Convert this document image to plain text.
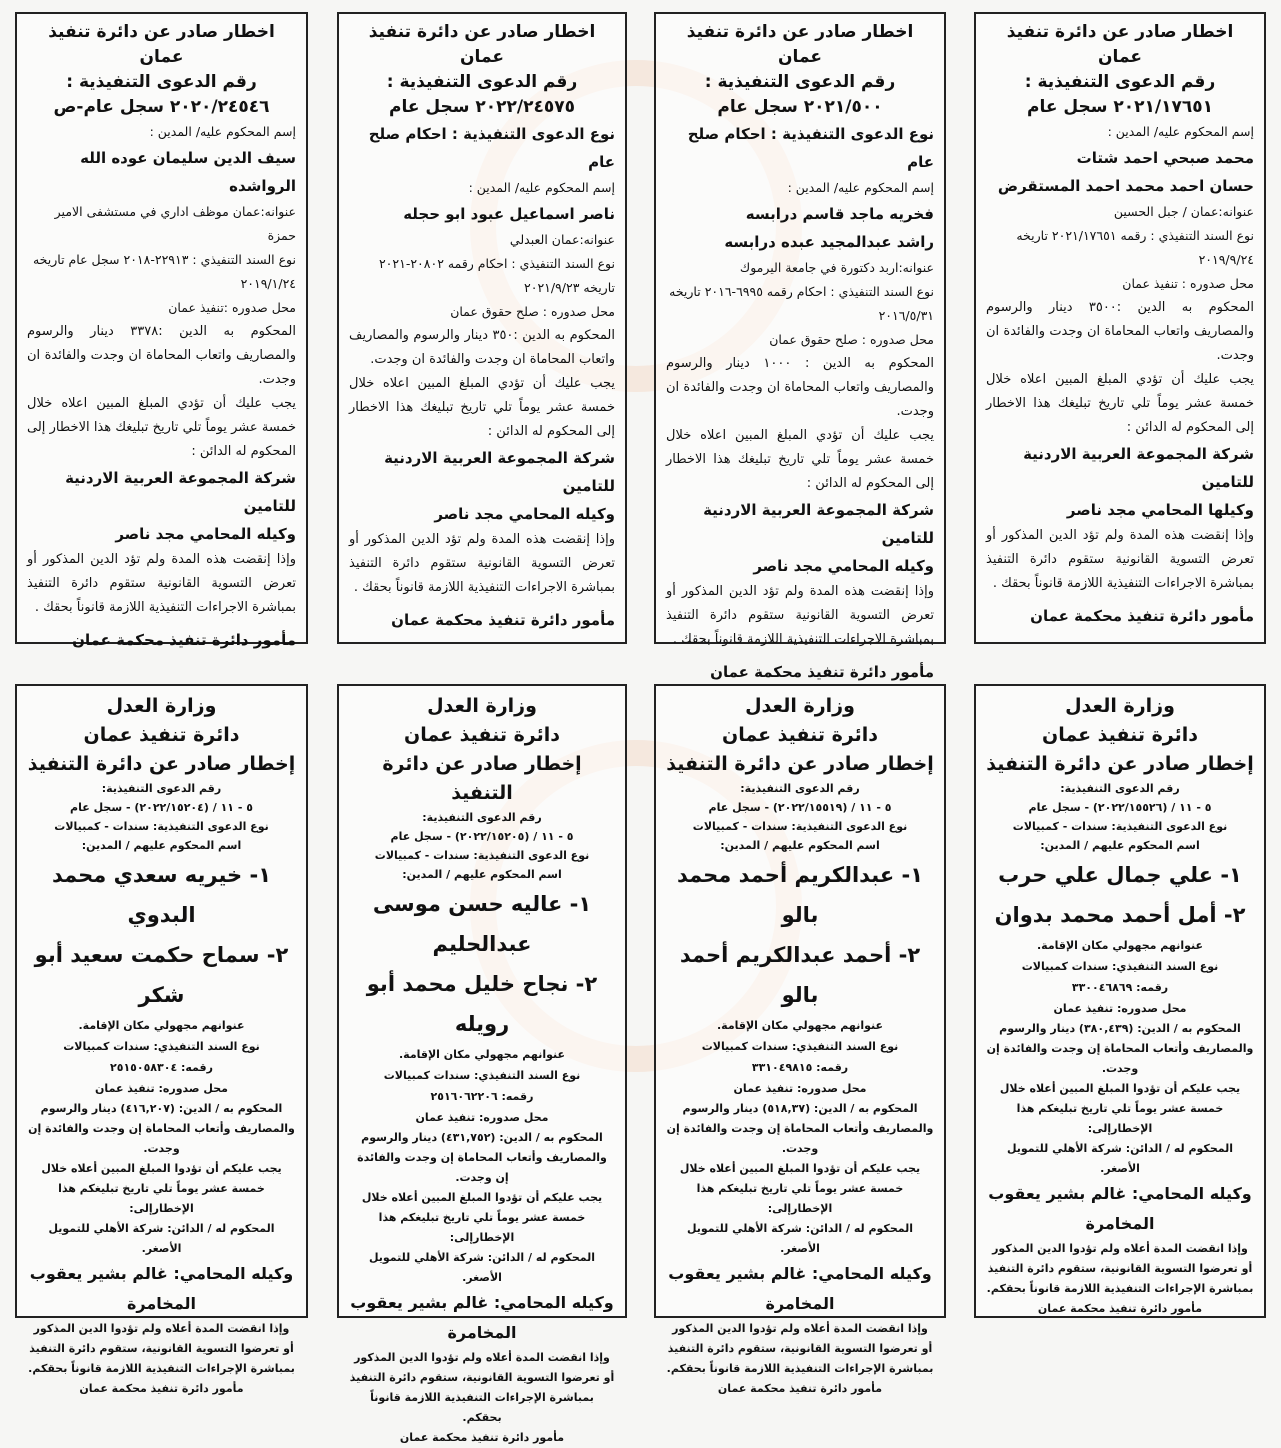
اخطار صادر عن دائرة تنفيذ عمان
رقم الدعوى التنفيذية :
٢٠٢١/١٧٦٥١ سجل عام
إسم المحكوم عليه/ المدين :
محمد صبحي احمد شتات
حسان احمد محمد احمد المستقرض
عنوانه:عمان / جبل الحسين
نوع السند التنفيذي : رقمه ٢٠٢١/١٧٦٥١ تاريخه ٢٠١٩/٩/٢٤
محل صدوره : تنفيذ عمان
المحكوم به الدين :٣٥٠٠ دينار والرسوم والمصاريف واتعاب المحاماة ان وجدت والفائدة ان وجدت.
يجب عليك أن تؤدي المبلغ المبين اعلاه خلال خمسة عشر يوماً تلي تاريخ تبليغك هذا الاخطار إلى المحكوم له الدائن :
شركة المجموعة العربية الاردنية للتامين
وكيلها المحامي مجد ناصر
وإذا إنقضت هذه المدة ولم تؤد الدين المذكور أو تعرض التسوية القانونية ستقوم دائرة التنفيذ بمباشرة الاجراءات التنفيذية اللازمة قانوناً بحقك .
مأمور دائرة تنفيذ محكمة عمان
اخطار صادر عن دائرة تنفيذ عمان
رقم الدعوى التنفيذية :
٢٠٢١/٥٠٠ سجل عام
نوع الدعوى التنفيذية : احكام صلح عام
إسم المحكوم عليه/ المدين :
فخريه ماجد قاسم درابسه
راشد عبدالمجيد عبده درابسه
عنوانه:اربد دكتورة في جامعة اليرموك
نوع السند التنفيذي : احكام رقمه ٦٩٩٥-٢٠١٦ تاريخه ٢٠١٦/٥/٣١
محل صدوره : صلح حقوق عمان
المحكوم به الدين : ١٠٠٠ دينار والرسوم والمصاريف واتعاب المحاماة ان وجدت والفائدة ان وجدت.
يجب عليك أن تؤدي المبلغ المبين اعلاه خلال خمسة عشر يوماً تلي تاريخ تبليغك هذا الاخطار إلى المحكوم له الدائن :
شركة المجموعة العربية الاردنية للتامين
وكيله المحامي مجد ناصر
وإذا إنقضت هذه المدة ولم تؤد الدين المذكور أو تعرض التسوية القانونية ستقوم دائرة التنفيذ بمباشرة الاجراءات التنفيذية اللازمة قانوناً بحقك .
مأمور دائرة تنفيذ محكمة عمان
اخطار صادر عن دائرة تنفيذ عمان
رقم الدعوى التنفيذية :
٢٠٢٢/٢٤٥٧٥ سجل عام
نوع الدعوى التنفيذية : احكام صلح عام
إسم المحكوم عليه/ المدين :
ناصر اسماعيل عبود ابو حجله
عنوانه:عمان العبدلي
نوع السند التنفيذي : احكام رقمه ٢٠٨٠٢-٢٠٢١ تاريخه ٢٠٢١/٩/٢٣
محل صدوره : صلح حقوق عمان
المحكوم به الدين :٣٥٠ دينار والرسوم والمصاريف واتعاب المحاماة ان وجدت والفائدة ان وجدت.
يجب عليك أن تؤدي المبلغ المبين اعلاه خلال خمسة عشر يوماً تلي تاريخ تبليغك هذا الاخطار إلى المحكوم له الدائن :
شركة المجموعة العربية الاردنية للتامين
وكيله المحامي مجد ناصر
وإذا إنقضت هذه المدة ولم تؤد الدين المذكور أو تعرض التسوية القانونية ستقوم دائرة التنفيذ بمباشرة الاجراءات التنفيذية اللازمة قانوناً بحقك .
مأمور دائرة تنفيذ محكمة عمان
اخطار صادر عن دائرة تنفيذ عمان
رقم الدعوى التنفيذية :
٢٠٢٠/٢٤٥٤٦ سجل عام-ص
إسم المحكوم عليه/ المدين :
سيف الدين سليمان عوده الله الرواشده
عنوانه:عمان موظف اداري في مستشفى الامير حمزة
نوع السند التنفيذي : ٢٢٩١٣-٢٠١٨ سجل عام تاريخه ٢٠١٩/١/٢٤
محل صدوره :تنفيذ عمان
المحكوم به الدين :٣٣٧٨ دينار والرسوم والمصاريف واتعاب المحاماة ان وجدت والفائدة ان وجدت.
يجب عليك أن تؤدي المبلغ المبين اعلاه خلال خمسة عشر يوماً تلي تاريخ تبليغك هذا الاخطار إلى المحكوم له الدائن :
شركة المجموعة العربية الاردنية للتامين
وكيله المحامي مجد ناصر
وإذا إنقضت هذه المدة ولم تؤد الدين المذكور أو تعرض التسوية القانونية ستقوم دائرة التنفيذ بمباشرة الاجراءات التنفيذية اللازمة قانوناً بحقك .
مأمور دائرة تنفيذ محكمة عمان
وزارة العدل
دائرة تنفيذ عمان
إخطار صادر عن دائرة التنفيذ
رقم الدعوى التنفيذية:
٥ - ١١ / (٢٠٢٢/١٥٥٢٦) - سجل عام
نوع الدعوى التنفيذية: سندات - كمبيالات
اسم المحكوم عليهم / المدين:
١- علي جمال علي حرب
٢- أمل أحمد محمد بدوان
عنوانهم مجهولي مكان الإقامة.
نوع السند التنفيذي: سندات كمبيالات
رقمه: ٣٣٠٠٤٦٨٦٩
محل صدوره: تنفيذ عمان
المحكوم به / الدين: (٣٨٠,٤٣٩) دينار والرسوم والمصاريف وأتعاب المحاماة إن وجدت والفائدة إن وجدت.
يجب عليكم أن تؤدوا المبلغ المبين أعلاه خلال خمسة عشر يوماً تلي تاريخ تبليغكم هذا الإخطارإلى:
المحكوم له / الدائن: شركة الأهلي للتمويل الأصغر.
وكيله المحامي: غالم بشير يعقوب المخامرة
وإذا انقضت المدة أعلاه ولم تؤدوا الدين المذكور أو تعرضوا التسوية القانونية، ستقوم دائرة التنفيذ بمباشرة الإجراءات التنفيذية اللازمة قانوناً بحقكم.
مأمور دائرة تنفيذ محكمة عمان
وزارة العدل
دائرة تنفيذ عمان
إخطار صادر عن دائرة التنفيذ
رقم الدعوى التنفيذية:
٥ - ١١ / (٢٠٢٢/١٥٥١٩) - سجل عام
نوع الدعوى التنفيذية: سندات - كمبيالات
اسم المحكوم عليهم / المدين:
١- عبدالكريم أحمد محمد بالو
٢- أحمد عبدالكريم أحمد بالو
عنوانهم مجهولي مكان الإقامة.
نوع السند التنفيذي: سندات كمبيالات
رقمه: ٣٣١٠٤٩٨١٥
محل صدوره: تنفيذ عمان
المحكوم به / الدين: (٥١٨,٣٧) دينار والرسوم والمصاريف وأتعاب المحاماة إن وجدت والفائدة إن وجدت.
يجب عليكم أن تؤدوا المبلغ المبين أعلاه خلال خمسة عشر يوماً تلي تاريخ تبليغكم هذا الإخطارإلى:
المحكوم له / الدائن: شركة الأهلي للتمويل الأصغر.
وكيله المحامي: غالم بشير يعقوب المخامرة
وإذا انقضت المدة أعلاه ولم تؤدوا الدين المذكور أو تعرضوا التسوية القانونية، ستقوم دائرة التنفيذ بمباشرة الإجراءات التنفيذية اللازمة قانوناً بحقكم.
مأمور دائرة تنفيذ محكمة عمان
وزارة العدل
دائرة تنفيذ عمان
إخطار صادر عن دائرة التنفيذ
رقم الدعوى التنفيذية:
٥ - ١١ / (٢٠٢٢/١٥٢٠٥) - سجل عام
نوع الدعوى التنفيذية: سندات - كمبيالات
اسم المحكوم عليهم / المدين:
١- عاليه حسن موسى عبدالحليم
٢- نجاح خليل محمد أبو رويله
عنوانهم مجهولي مكان الإقامة.
نوع السند التنفيذي: سندات كمبيالات
رقمه: ٢٥١٦٠٦٢٢٠٦
محل صدوره: تنفيذ عمان
المحكوم به / الدين: (٤٣١,٧٥٢) دينار والرسوم والمصاريف وأتعاب المحاماة إن وجدت والفائدة إن وجدت.
يجب عليكم أن تؤدوا المبلغ المبين أعلاه خلال خمسة عشر يوماً تلي تاريخ تبليغكم هذا الإخطارإلى:
المحكوم له / الدائن: شركة الأهلي للتمويل الأصغر.
وكيله المحامي: غالم بشير يعقوب المخامرة
وإذا انقضت المدة أعلاه ولم تؤدوا الدين المذكور أو تعرضوا التسوية القانونية، ستقوم دائرة التنفيذ بمباشرة الإجراءات التنفيذية اللازمة قانوناً بحقكم.
مأمور دائرة تنفيذ محكمة عمان
وزارة العدل
دائرة تنفيذ عمان
إخطار صادر عن دائرة التنفيذ
رقم الدعوى التنفيذية:
٥ - ١١ / (٢٠٢٢/١٥٢٠٤) - سجل عام
نوع الدعوى التنفيذية: سندات - كمبيالات
اسم المحكوم عليهم / المدين:
١- خيريه سعدي محمد البدوي
٢- سماح حكمت سعيد أبو شكر
عنوانهم مجهولي مكان الإقامة.
نوع السند التنفيذي: سندات كمبيالات
رقمه: ٢٥١٥٠٥٨٣٠٤
محل صدوره: تنفيذ عمان
المحكوم به / الدين: (٤١٦,٢٠٧) دينار والرسوم والمصاريف وأتعاب المحاماة إن وجدت والفائدة إن وجدت.
يجب عليكم أن تؤدوا المبلغ المبين أعلاه خلال خمسة عشر يوماً تلي تاريخ تبليغكم هذا الإخطارإلى:
المحكوم له / الدائن: شركة الأهلي للتمويل الأصغر.
وكيله المحامي: غالم بشير يعقوب المخامرة
وإذا انقضت المدة أعلاه ولم تؤدوا الدين المذكور أو تعرضوا التسوية القانونية، ستقوم دائرة التنفيذ بمباشرة الإجراءات التنفيذية اللازمة قانوناً بحقكم.
مأمور دائرة تنفيذ محكمة عمان
